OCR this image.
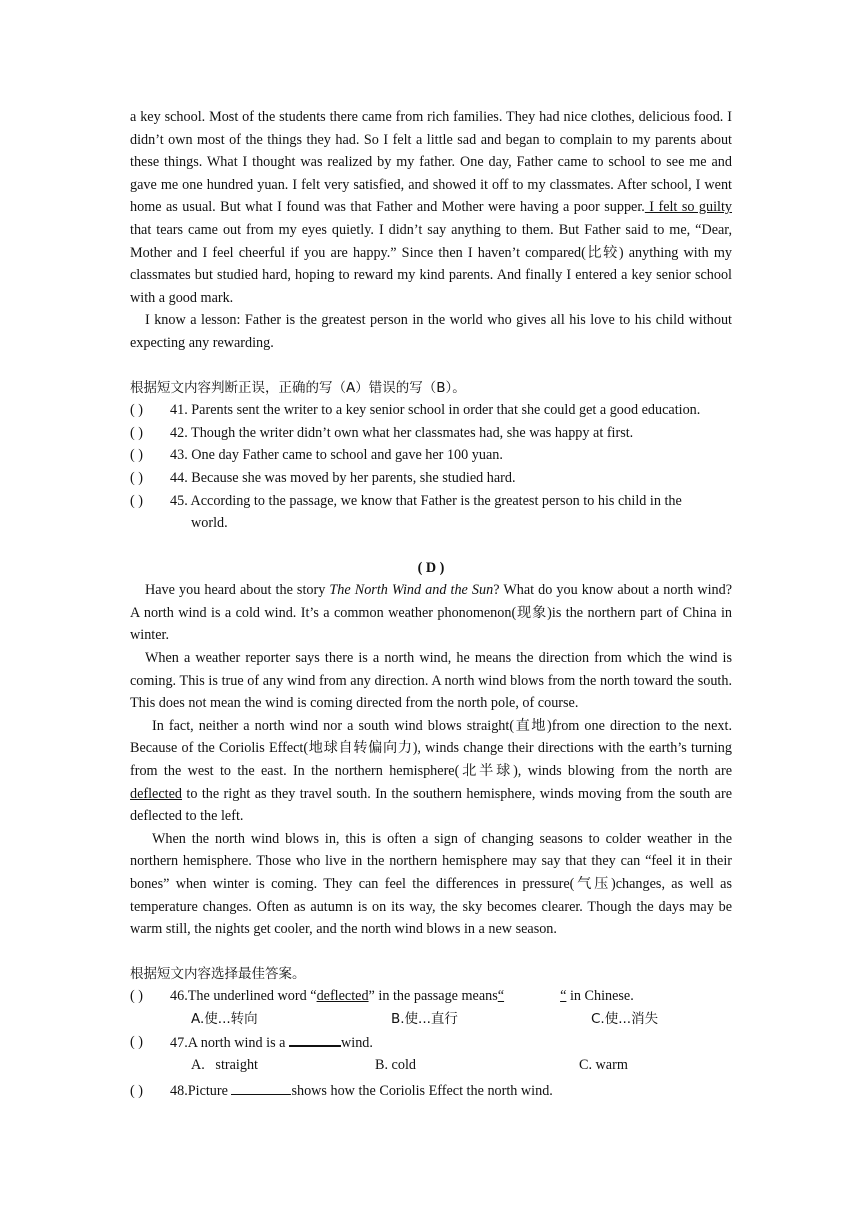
a key school. Most of the students there came from rich families. They had nice clothes, delicious food. I didn’t own most of the things they had. So I felt a little sad and began to complain to my parents about these things. What I thought was realized by my father. One day, Father came to school to see me and gave me one hundred yuan. I felt very satisfied, and showed it off to my classmates. After school, I went home as usual. But what I found was that Father and Mother were having a poor supper. I felt so guilty that tears came out from my eyes quietly. I didn’t say anything to them. But Father said to me, “Dear, Mother and I feel cheerful if you are happy.” Since then I haven’t compared(比较) anything with my classmates but studied hard, hoping to reward my kind parents. And finally I entered a key senior school with a good mark.

I know a lesson: Father is the greatest person in the world who gives all his love to his child without expecting any rewarding.

根据短文内容判断正误，正确的写（A）错误的写（B）。
( ) 41. Parents sent the writer to a key senior school in order that she could get a good education.
( ) 42. Though the writer didn’t own what her classmates had, she was happy at first.
( ) 43. One day Father came to school and gave her 100 yuan.
( ) 44. Because she was moved by her parents, she studied hard.
( ) 45. According to the passage, we know that Father is the greatest person to his child in the
world.
( D )

Have you heard about the story The North Wind and the Sun? What do you know about a north wind? A north wind is a cold wind. It’s a common weather phonomenon(现象)is the northern part of China in winter.

When a weather reporter says there is a north wind, he means the direction from which the wind is coming. This is true of any wind from any direction. A north wind blows from the north toward the south. This does not mean the wind is coming directed from the north pole, of course.

In fact, neither a north wind nor a south wind blows straight(直地)from one direction to the next. Because of the Coriolis Effect(地球自转偏向力), winds change their directions with the earth’s turning from the west to the east. In the northern hemisphere(北半球), winds blowing from the north are deflected to the right as they travel south. In the southern hemisphere, winds moving from the south are deflected to the left.

When the north wind blows in, this is often a sign of changing seasons to colder weather in the northern hemisphere. Those who live in the northern hemisphere may say that they can “feel it in their bones” when winter is coming. They can feel the differences in pressure(气压)changes, as well as temperature changes. Often as autumn is on its way, the sky becomes clearer. Though the days may be warm still, the nights get cooler, and the north wind blows in a new season.

根据短文内容选择最佳答案。
( ) 46.The underlined word “deflected” in the passage means“	“ in Chinese.
A.使...转向	B.使...直行	C.使...消失
( ) 47.A north wind is a	wind.
A.   straight	B. cold	C. warm
( ) 48.Picture	shows how the Coriolis Effect the north wind.
